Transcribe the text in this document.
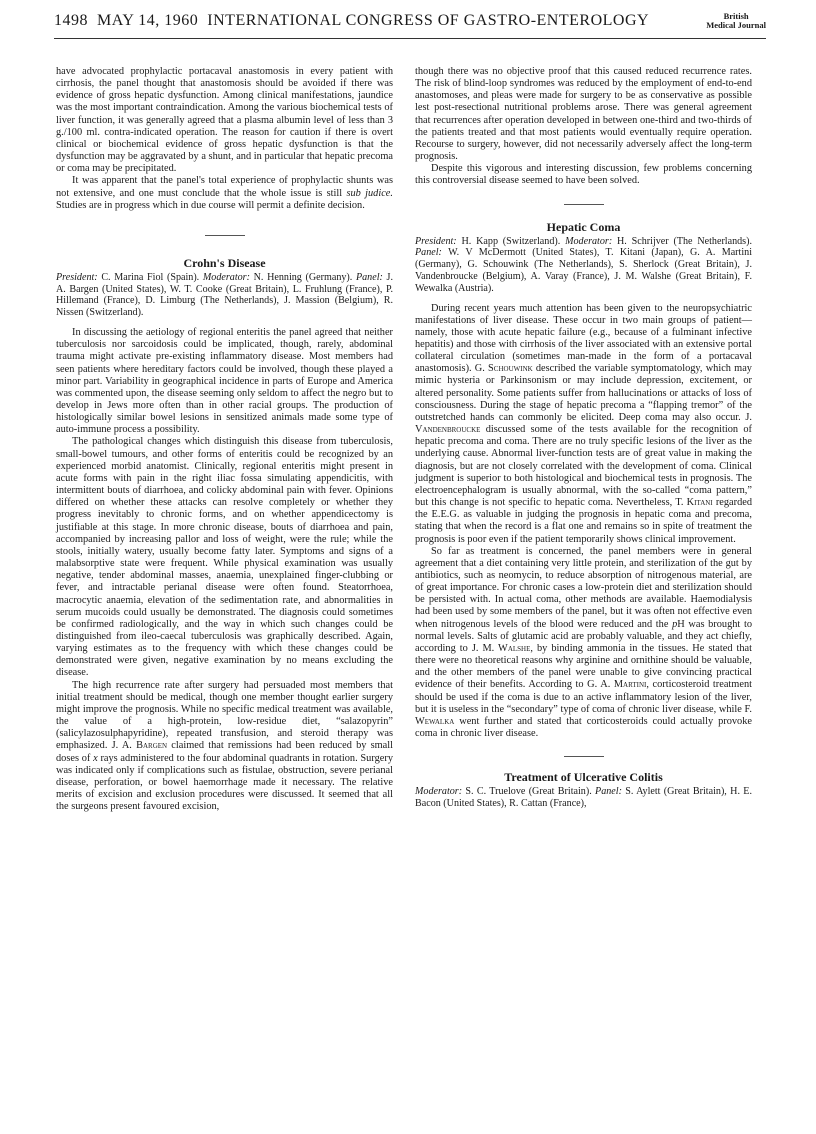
1498 MAY 14, 1960 INTERNATIONAL CONGRESS OF GASTRO-ENTEROLOGY	British
Medical Journal

have advocated prophylactic portacaval anastomosis in every patient with cirrhosis, the panel thought that anastomosis should be avoided if there was evidence of gross hepatic dysfunction. Among clinical manifestations, jaundice was the most important contraindication. Among the various biochemical tests of liver function, it was generally agreed that a plasma albumin level of less than 3 g./100 ml. contra-indicated operation. The reason for caution if there is overt clinical or biochemical evidence of gross hepatic dysfunction is that the dysfunction may be aggravated by a shunt, and in particular that hepatic precoma or coma may be precipitated.

It was apparent that the panel's total experience of prophylactic shunts was not extensive, and one must conclude that the whole issue is still sub judice. Studies are in progress which in due course will permit a definite decision.

Crohn's Disease

President: C. Marina Fiol (Spain). Moderator: N. Henning (Germany). Panel: J. A. Bargen (United States), W. T. Cooke (Great Britain), L. Fruhlung (France), P. Hillemand (France), D. Limburg (The Netherlands), J. Massion (Belgium), R. Nissen (Switzerland).

In discussing the aetiology of regional enteritis the panel agreed that neither tuberculosis nor sarcoidosis could be implicated, though, rarely, abdominal trauma might activate pre-existing inflammatory disease. Most members had seen patients where hereditary factors could be involved, though these played a minor part. Variability in geographical incidence in parts of Europe and America was commented upon, the disease seeming only seldom to affect the negro but to develop in Jews more often than in other racial groups. The production of histologically similar bowel lesions in sensitized animals made some type of auto-immune process a possibility.

The pathological changes which distinguish this disease from tuberculosis, small-bowel tumours, and other forms of enteritis could be recognized by an experienced morbid anatomist. Clinically, regional enteritis might present in acute forms with pain in the right iliac fossa simulating appendicitis, with intermittent bouts of diarrhoea, and colicky abdominal pain with fever. Opinions differed on whether these attacks can resolve completely or whether they progress inevitably to chronic forms, and on whether appendicectomy is justifiable at this stage. In more chronic disease, bouts of diarrhoea and pain, accompanied by increasing pallor and loss of weight, were the rule; while the stools, initially watery, usually become fatty later. Symptoms and signs of a malabsorptive state were frequent. While physical examination was usually negative, tender abdominal masses, anaemia, unexplained finger-clubbing or fever, and intractable perianal disease were often found. Steatorrhoea, macrocytic anaemia, elevation of the sedimentation rate, and abnormalities in serum mucoids could usually be demonstrated. The diagnosis could sometimes be confirmed radiologically, and the way in which such changes could be distinguished from ileo-caecal tuberculosis was graphically described. Again, varying estimates as to the frequency with which these changes could be demonstrated were given, negative examination by no means excluding the disease.

The high recurrence rate after surgery had persuaded most members that initial treatment should be medical, though one member thought earlier surgery might improve the prognosis. While no specific medical treatment was available, the value of a high-protein, low-residue diet, “salazopyrin” (salicylazosulphapyridine), repeated transfusion, and steroid therapy was emphasized. J. A. Bargen claimed that remissions had been reduced by small doses of x rays administered to the four abdominal quadrants in rotation. Surgery was indicated only if complications such as fistulae, obstruction, severe perianal disease, perforation, or bowel haemorrhage made it necessary. The relative merits of excision and exclusion procedures were discussed. It seemed that all the surgeons present favoured excision,

though there was no objective proof that this caused reduced recurrence rates. The risk of blind-loop syndromes was reduced by the employment of end-to-end anastomoses, and pleas were made for surgery to be as conservative as possible lest post-resectional nutritional problems arose. There was general agreement that recurrences after operation developed in between one-third and two-thirds of the patients treated and that most patients would eventually require operation. Recourse to surgery, however, did not necessarily adversely affect the long-term prognosis.

Despite this vigorous and interesting discussion, few problems concerning this controversial disease seemed to have been solved.

Hepatic Coma

President: H. Kapp (Switzerland). Moderator: H. Schrijver (The Netherlands). Panel: W. V McDermott (United States), T. Kitani (Japan), G. A. Martini (Germany), G. Schouwink (The Netherlands), S. Sherlock (Great Britain), J. Vandenbroucke (Belgium), A. Varay (France), J. M. Walshe (Great Britain), F. Wewalka (Austria).

During recent years much attention has been given to the neuropsychiatric manifestations of liver disease. These occur in two main groups of patient—namely, those with acute hepatic failure (e.g., because of a fulminant infective hepatitis) and those with cirrhosis of the liver associated with an extensive portal collateral circulation (sometimes man-made in the form of a portacaval anastomosis). G. Schouwink described the variable symptomatology, which may mimic hysteria or Parkinsonism or may include depression, excitement, or altered personality. Some patients suffer from hallucinations or attacks of loss of consciousness. During the stage of hepatic precoma a “flapping tremor” of the outstretched hands can commonly be elicited. Deep coma may also occur. J. Vandenbroucke discussed some of the tests available for the recognition of hepatic precoma and coma. There are no truly specific lesions of the liver as the underlying cause. Abnormal liver-function tests are of great value in making the diagnosis, but are not closely correlated with the development of coma. Clinical judgment is superior to both histological and biochemical tests in prognosis. The electroencephalogram is usually abnormal, with the so-called “coma pattern,” but this change is not specific to hepatic coma. Nevertheless, T. Kitani regarded the E.E.G. as valuable in judging the prognosis in hepatic coma and precoma, stating that when the record is a flat one and remains so in spite of treatment the prognosis is poor even if the patient temporarily shows clinical improvement.

So far as treatment is concerned, the panel members were in general agreement that a diet containing very little protein, and sterilization of the gut by antibiotics, such as neomycin, to reduce absorption of nitrogenous material, are of great importance. For chronic cases a low-protein diet and sterilization should be persisted with. In actual coma, other methods are available. Haemodialysis had been used by some members of the panel, but it was often not effective even when nitrogenous levels of the blood were reduced and the pH was brought to normal levels. Salts of glutamic acid are probably valuable, and they act chiefly, according to J. M. Walshe, by binding ammonia in the tissues. He stated that there were no theoretical reasons why arginine and ornithine should be valuable, and the other members of the panel were unable to give convincing practical evidence of their benefits. According to G. A. Martini, corticosteroid treatment should be used if the coma is due to an active inflammatory lesion of the liver, but it is useless in the “secondary” type of coma of chronic liver disease, while F. Wewalka went further and stated that corticosteroids could actually provoke coma in chronic liver disease.

Treatment of Ulcerative Colitis

Moderator: S. C. Truelove (Great Britain). Panel: S. Aylett (Great Britain), H. E. Bacon (United States), R. Cattan (France),
